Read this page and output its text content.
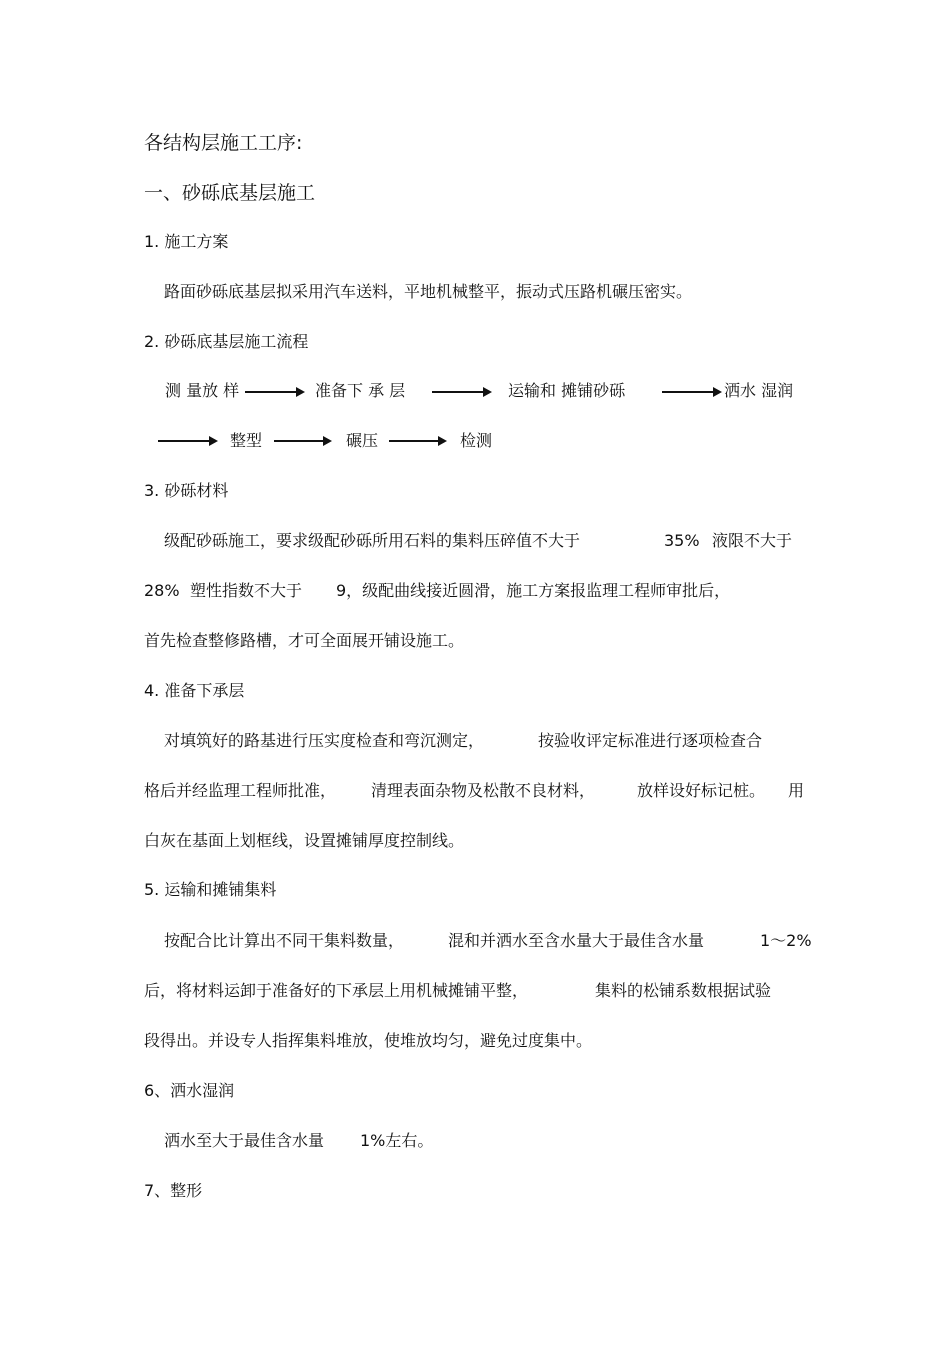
各结构层施工工序:
一、砂砾底基层施工
1. 施工方案
路面砂砾底基层拟采用汽车送料，平地机械整平，振动式压路机碾压密实。
2. 砂砾底基层施工流程
测 量放 样	准备下 承 层	运输和 摊铺砂砾	洒水 湿润
整型	碾压	检测
3. 砂砾材料
级配砂砾施工，要求级配砂砾所用石料的集料压碎值不大于	35% 液限不大于
28% 塑性指数不大于 9，级配曲线接近圆滑，施工方案报监理工程师审批后，
首先检查整修路槽，才可全面展开铺设施工。
4. 准备下承层
对填筑好的路基进行压实度检查和弯沉测定，	按验收评定标准进行逐项检查合
格后并经监理工程师批准， 清理表面杂物及松散不良材料，	放样设好标记桩。 用
白灰在基面上划框线，设置摊铺厚度控制线。
5. 运输和摊铺集料
按配合比计算出不同干集料数量，	混和并洒水至含水量大于最佳含水量	1～2%
后，将材料运卸于准备好的下承层上用机械摊铺平整，	集料的松铺系数根据试验
段得出。并设专人指挥集料堆放，使堆放均匀，避免过度集中。
6、洒水湿润
洒水至大于最佳含水量 1%左右。
7、整形
